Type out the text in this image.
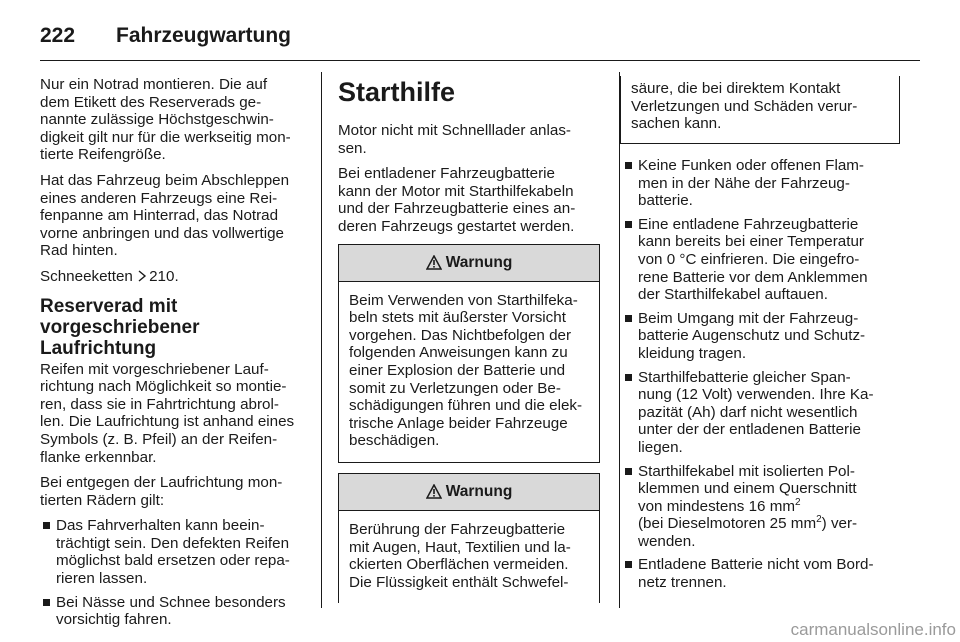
222	Fahrzeugwartung

Nur ein Notrad montieren. Die auf
dem Etikett des Reserverads ge-
nannte zulässige Höchstgeschwin-
digkeit gilt nur für die werkseitig mon-
tierte Reifengröße.

Hat das Fahrzeug beim Abschleppen
eines anderen Fahrzeugs eine Rei-
fenpanne am Hinterrad, das Notrad
vorne anbringen und das vollwertige
Rad hinten.

Schneeketten 210.

Reserverad mit
vorgeschriebener Laufrichtung

Reifen mit vorgeschriebener Lauf-
richtung nach Möglichkeit so montie-
ren, dass sie in Fahrtrichtung abrol-
len. Die Laufrichtung ist anhand eines
Symbols (z. B. Pfeil) an der Reifen-
flanke erkennbar.

Bei entgegen der Laufrichtung mon-
tierten Rädern gilt:

Das Fahrverhalten kann beein-
trächtigt sein. Den defekten Reifen
möglichst bald ersetzen oder repa-
rieren lassen.
Bei Nässe und Schnee besonders
vorsichtig fahren.
Starthilfe

Motor nicht mit Schnelllader anlas-
sen.

Bei entladener Fahrzeugbatterie
kann der Motor mit Starthilfekabeln
und der Fahrzeugbatterie eines an-
deren Fahrzeugs gestartet werden.

Warnung
Beim Verwenden von Starthilfeka-
beln stets mit äußerster Vorsicht
vorgehen. Das Nichtbefolgen der
folgenden Anweisungen kann zu
einer Explosion der Batterie und
somit zu Verletzungen oder Be-
schädigungen führen und die elek-
trische Anlage beider Fahrzeuge
beschädigen.
Warnung
Berührung der Fahrzeugbatterie
mit Augen, Haut, Textilien und la-
ckierten Oberflächen vermeiden.
Die Flüssigkeit enthält Schwefel-
säure, die bei direktem Kontakt
Verletzungen und Schäden verur-
sachen kann.
Keine Funken oder offenen Flam-
men in der Nähe der Fahrzeug-
batterie.
Eine entladene Fahrzeugbatterie
kann bereits bei einer Temperatur
von 0 °C einfrieren. Die eingefro-
rene Batterie vor dem Anklemmen
der Starthilfekabel auftauen.
Beim Umgang mit der Fahrzeug-
batterie Augenschutz und Schutz-
kleidung tragen.
Starthilfebatterie gleicher Span-
nung (12 Volt) verwenden. Ihre Ka-
pazität (Ah) darf nicht wesentlich
unter der der entladenen Batterie
liegen.
Starthilfekabel mit isolierten Pol-
klemmen und einem Querschnitt
von mindestens 16 $mm^2$
(bei Dieselmotoren 25 $mm^2$) ver-
wenden.
Entladene Batterie nicht vom Bord-
netz trennen.
carmanualsonline.info
